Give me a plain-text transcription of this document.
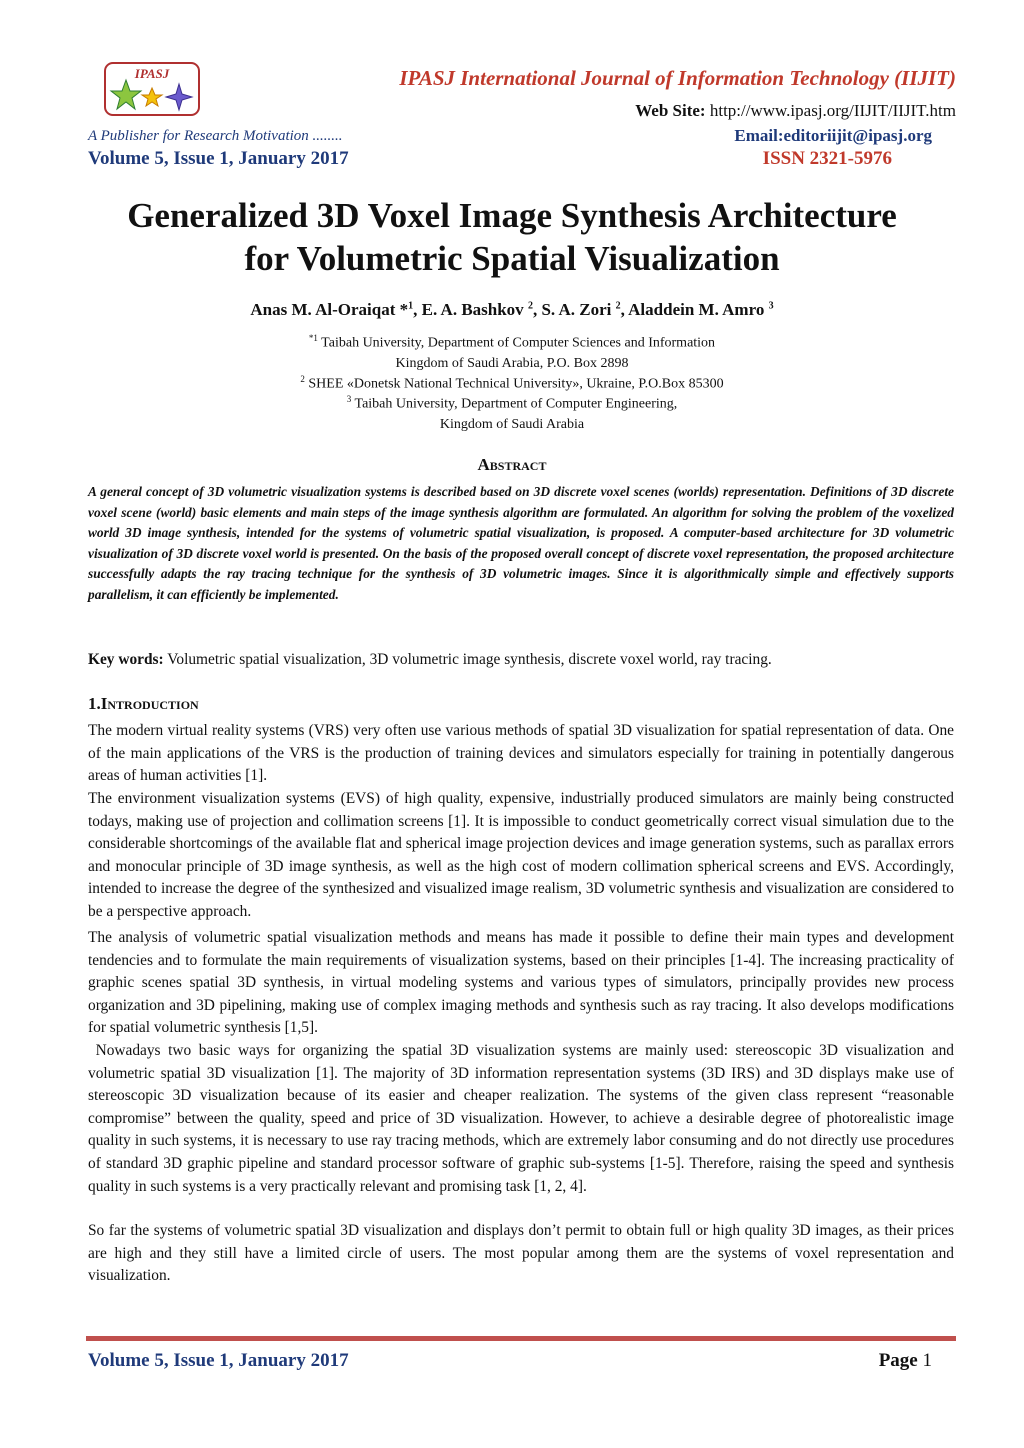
IPASJ	IPASJ International Journal of Information Technology (IIJIT)
Web Site: http://www.ipasj.org/IIJIT/IIJIT.htm
A Publisher for Research Motivation ........	Email:editoriijit@ipasj.org
Volume 5, Issue 1, January 2017	ISSN 2321-5976
Generalized 3D Voxel Image Synthesis Architecture
for Volumetric Spatial Visualization
Anas M. Al-Oraiqat *$^1$, E. A. Bashkov $^2$, S. A. Zori $^2$, Aladdein M. Amro $^3$
$^{*1}$ Taibah University, Department of Computer Sciences and Information
Kingdom of Saudi Arabia, P.O. Box 2898
$^2$ SHEE «Donetsk National Technical University», Ukraine, P.O.Box 85300
$^3$ Taibah University, Department of Computer Engineering,
Kingdom of Saudi Arabia
Abstract
A general concept of 3D volumetric visualization systems is described based on 3D discrete voxel scenes (worlds) representation. Definitions of 3D discrete voxel scene (world) basic elements and main steps of the image synthesis algorithm are formulated. An algorithm for solving the problem of the voxelized world 3D image synthesis, intended for the systems of volumetric spatial visualization, is proposed. A computer-based architecture for 3D volumetric visualization of 3D discrete voxel world is presented. On the basis of the proposed overall concept of discrete voxel representation, the proposed architecture successfully adapts the ray tracing technique for the synthesis of 3D volumetric images. Since it is algorithmically simple and effectively supports parallelism, it can efficiently be implemented.
Key words: Volumetric spatial visualization, 3D volumetric image synthesis, discrete voxel world, ray tracing.
1.Introduction
The modern virtual reality systems (VRS) very often use various methods of spatial 3D visualization for spatial representation of data. One of the main applications of the VRS is the production of training devices and simulators especially for training in potentially dangerous areas of human activities [1].
The environment visualization systems (EVS) of high quality, expensive, industrially produced simulators are mainly being constructed todays, making use of projection and collimation screens [1]. It is impossible to conduct geometrically correct visual simulation due to the considerable shortcomings of the available flat and spherical image projection devices and image generation systems, such as parallax errors and monocular principle of 3D image synthesis, as well as the high cost of modern collimation spherical screens and EVS. Accordingly, intended to increase the degree of the synthesized and visualized image realism, 3D volumetric synthesis and visualization are considered to be a perspective approach.
The analysis of volumetric spatial visualization methods and means has made it possible to define their main types and development tendencies and to formulate the main requirements of visualization systems, based on their principles [1-4]. The increasing practicality of graphic scenes spatial 3D synthesis, in virtual modeling systems and various types of simulators, principally provides new process organization and 3D pipelining, making use of complex imaging methods and synthesis such as ray tracing. It also develops modifications for spatial volumetric synthesis [1,5].
Nowadays two basic ways for organizing the spatial 3D visualization systems are mainly used: stereoscopic 3D visualization and volumetric spatial 3D visualization [1]. The majority of 3D information representation systems (3D IRS) and 3D displays make use of stereoscopic 3D visualization because of its easier and cheaper realization. The systems of the given class represent “reasonable compromise” between the quality, speed and price of 3D visualization. However, to achieve a desirable degree of photorealistic image quality in such systems, it is necessary to use ray tracing methods, which are extremely labor consuming and do not directly use procedures of standard 3D graphic pipeline and standard processor software of graphic sub-systems [1-5]. Therefore, raising the speed and synthesis quality in such systems is a very practically relevant and promising task [1, 2, 4].
So far the systems of volumetric spatial 3D visualization and displays don’t permit to obtain full or high quality 3D images, as their prices are high and they still have a limited circle of users. The most popular among them are the systems of voxel representation and visualization.
Volume 5, Issue 1, January 2017	Page 1
